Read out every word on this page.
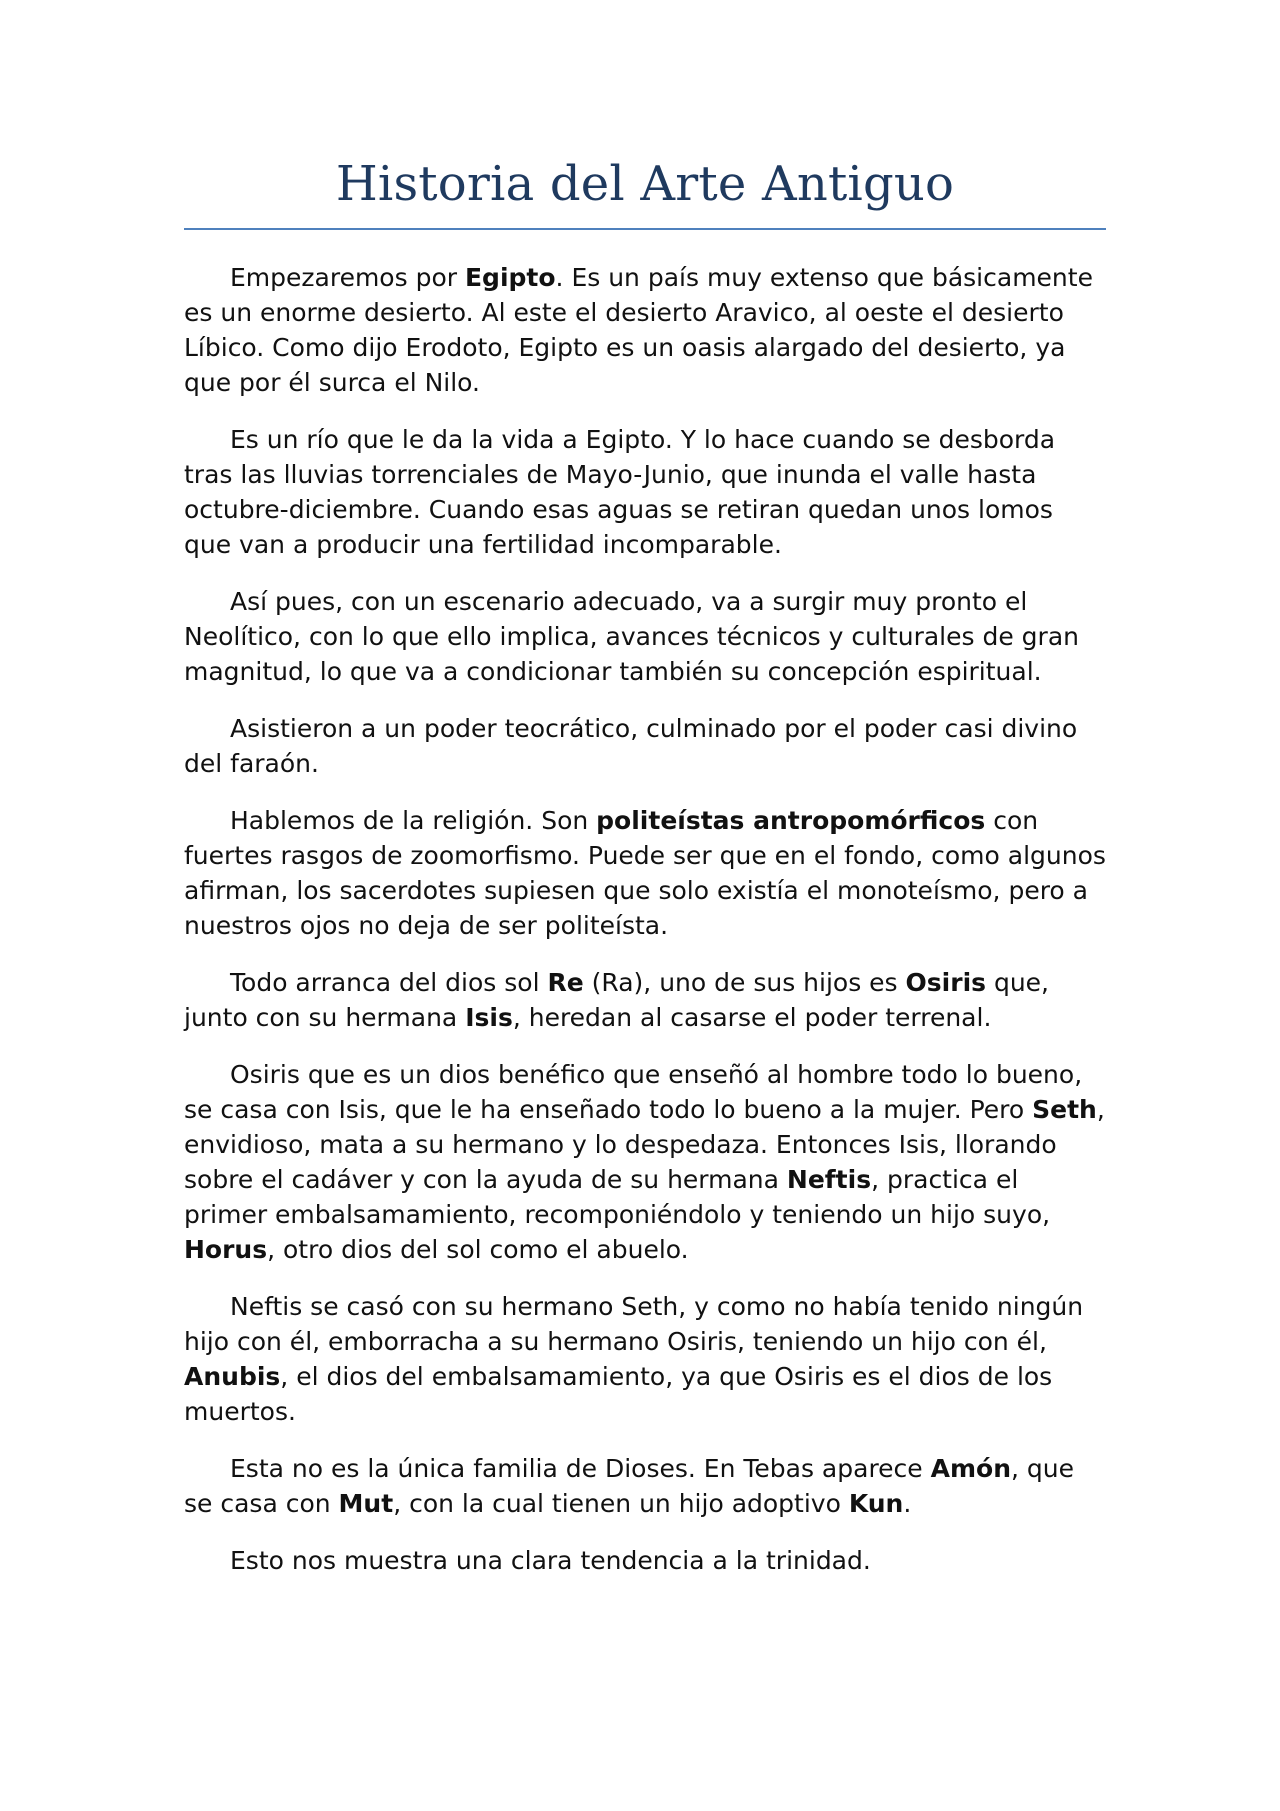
Historia del Arte Antiguo

Empezaremos por Egipto. Es un país muy extenso que básicamente es un enorme desierto. Al este el desierto Aravico, al oeste el desierto Líbico. Como dijo Erodoto, Egipto es un oasis alargado del desierto, ya que por él surca el Nilo.

Es un río que le da la vida a Egipto. Y lo hace cuando se desborda tras las lluvias torrenciales de Mayo-Junio, que inunda el valle hasta octubre-diciembre. Cuando esas aguas se retiran quedan unos lomos que van a producir una fertilidad incomparable.

Así pues, con un escenario adecuado, va a surgir muy pronto el Neolítico, con lo que ello implica, avances técnicos y culturales de gran magnitud, lo que va a condicionar también su concepción espiritual.

Asistieron a un poder teocrático, culminado por el poder casi divino del faraón.

Hablemos de la religión. Son politeístas antropomórficos con fuertes rasgos de zoomorfismo. Puede ser que en el fondo, como algunos afirman, los sacerdotes supiesen que solo existía el monoteísmo, pero a nuestros ojos no deja de ser politeísta.

Todo arranca del dios sol Re (Ra), uno de sus hijos es Osiris que, junto con su hermana Isis, heredan al casarse el poder terrenal.

Osiris que es un dios benéfico que enseñó al hombre todo lo bueno, se casa con Isis, que le ha enseñado todo lo bueno a la mujer. Pero Seth, envidioso, mata a su hermano y lo despedaza. Entonces Isis, llorando sobre el cadáver y con la ayuda de su hermana Neftis, practica el primer embalsamamiento, recomponiéndolo y teniendo un hijo suyo, Horus, otro dios del sol como el abuelo.

Neftis se casó con su hermano Seth, y como no había tenido ningún hijo con él, emborracha a su hermano Osiris, teniendo un hijo con él, Anubis, el dios del embalsamamiento, ya que Osiris es el dios de los muertos.

Esta no es la única familia de Dioses. En Tebas aparece Amón, que se casa con Mut, con la cual tienen un hijo adoptivo Kun.

Esto nos muestra una clara tendencia a la trinidad.
